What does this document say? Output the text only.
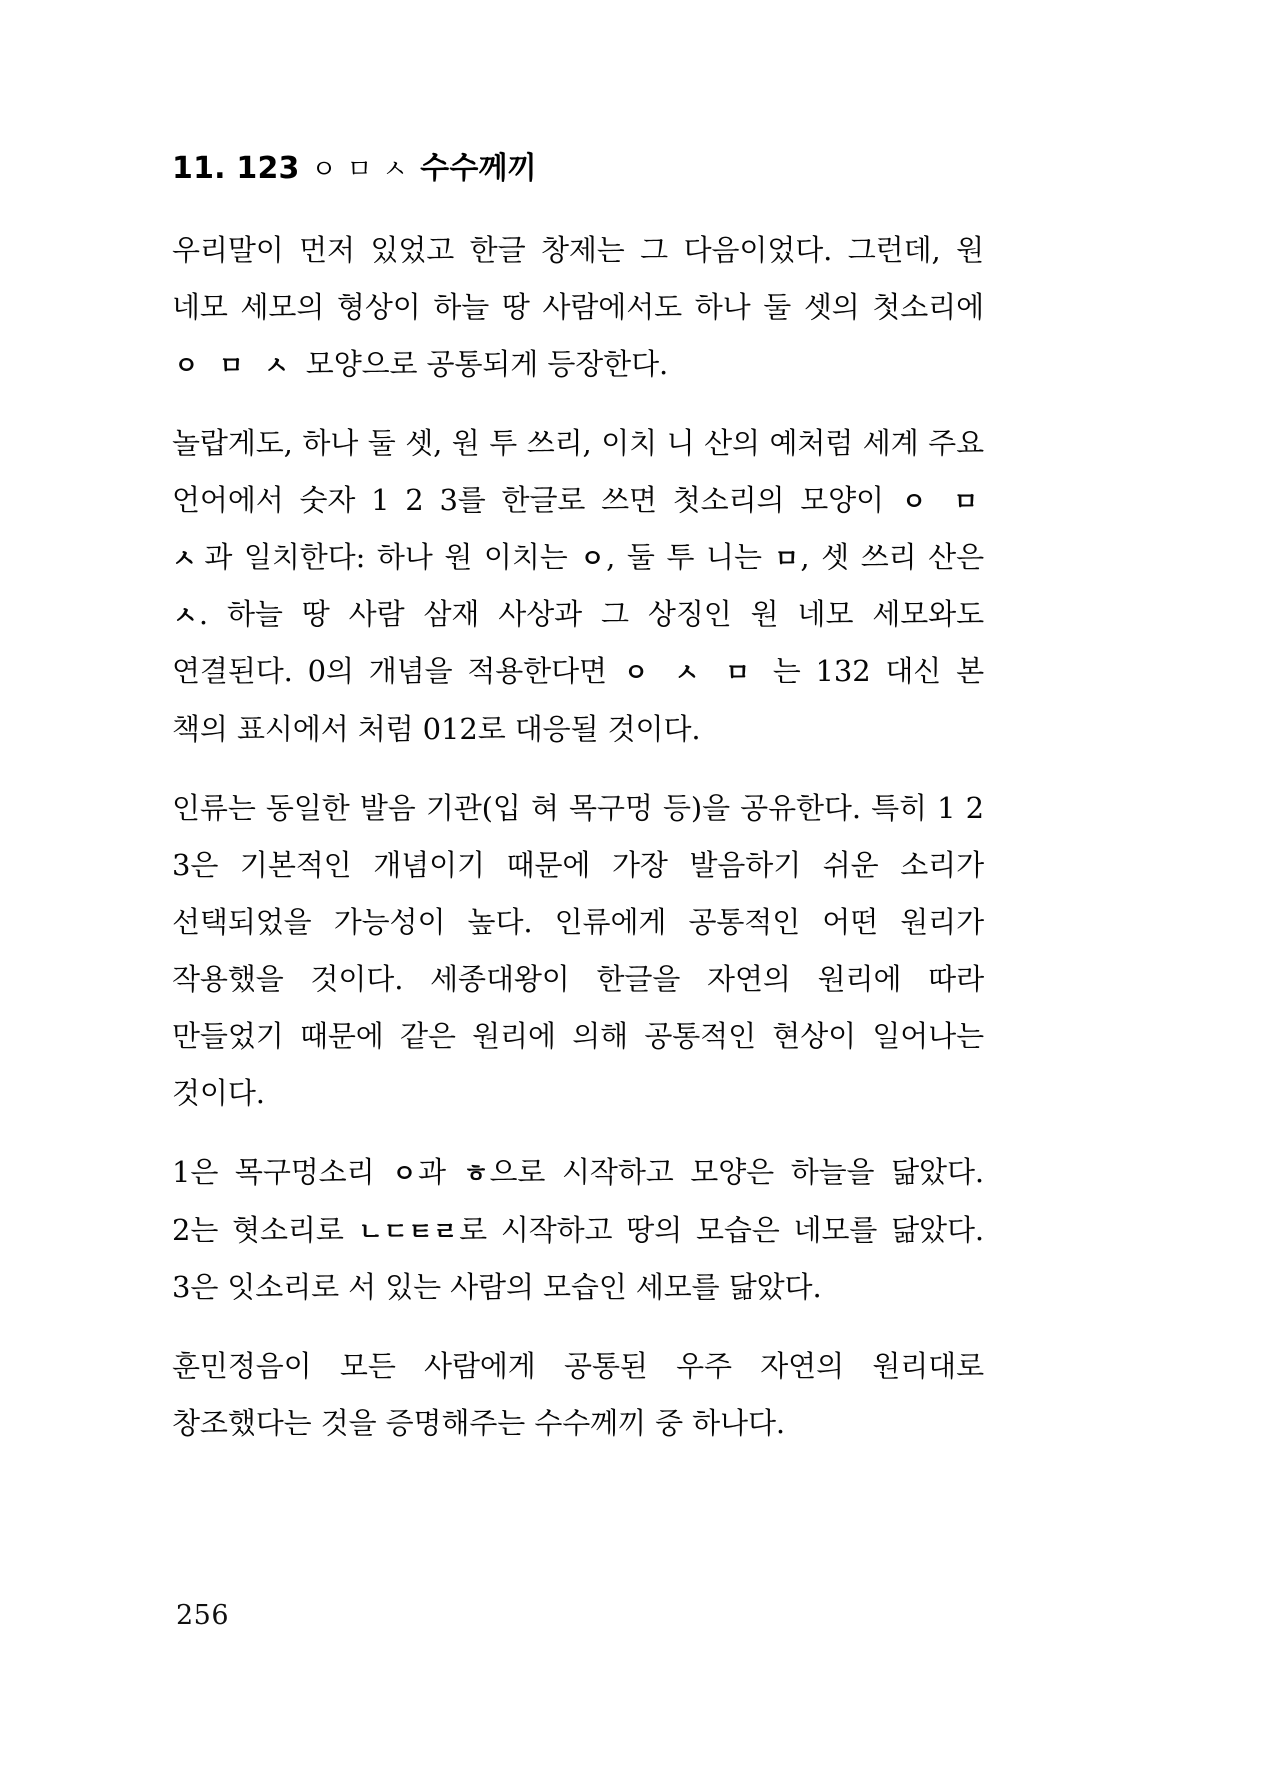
11. 123 ㅇ ㅁ ㅅ 수수께끼

우리말이 먼저 있었고 한글 창제는 그 다음이었다. 그런데, 원 네모 세모의 형상이 하늘 땅 사람에서도 하나 둘 셋의 첫소리에 ㅇ ㅁ ㅅ 모양으로 공통되게 등장한다.

놀랍게도, 하나 둘 셋, 원 투 쓰리, 이치 니 산의 예처럼 세계 주요 언어에서 숫자 1 2 3를 한글로 쓰면 첫소리의 모양이 ㅇ ㅁ ㅅ과 일치한다: 하나 원 이치는 ㅇ, 둘 투 니는 ㅁ, 셋 쓰리 산은 ㅅ. 하늘 땅 사람 삼재 사상과 그 상징인 원 네모 세모와도 연결된다. 0의 개념을 적용한다면 ㅇ ㅅ ㅁ 는 132 대신 본 책의 표시에서 처럼 012로 대응될 것이다.

인류는 동일한 발음 기관(입 혀 목구멍 등)을 공유한다. 특히 1 2 3은 기본적인 개념이기 때문에 가장 발음하기 쉬운 소리가 선택되었을 가능성이 높다. 인류에게 공통적인 어떤 원리가 작용했을 것이다. 세종대왕이 한글을 자연의 원리에 따라 만들었기 때문에 같은 원리에 의해 공통적인 현상이 일어나는 것이다.

1은 목구멍소리 ㅇ과 ㅎ으로 시작하고 모양은 하늘을 닮았다. 2는 혓소리로 ㄴㄷㅌㄹ로 시작하고 땅의 모습은 네모를 닮았다. 3은 잇소리로 서 있는 사람의 모습인 세모를 닮았다.

훈민정음이 모든 사람에게 공통된 우주 자연의 원리대로 창조했다는 것을 증명해주는 수수께끼 중 하나다.

256
